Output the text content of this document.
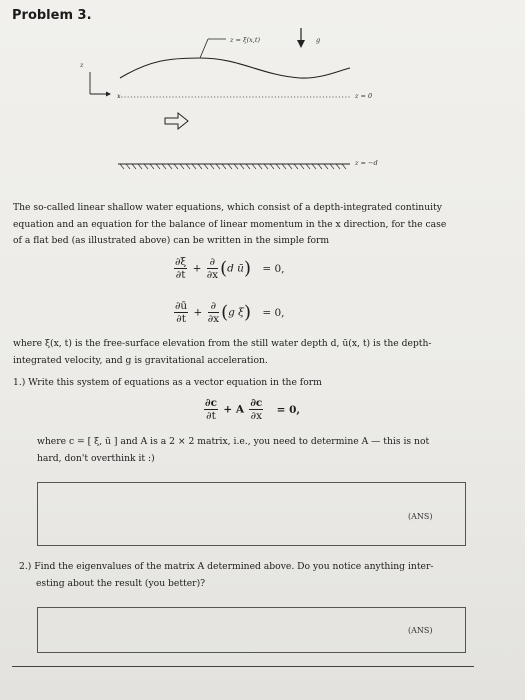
Problem 3.
z = ξ(x,t)	g
z
x	z = 0
z = −d
The so-called linear shallow water equations, which consist of a depth-integrated continuity
equation and an equation for the balance of linear momentum in the x direction, for the case
of a flat bed (as illustrated above) can be written in the simple form
$\frac{\partial\xi}{\partial t} + \frac{\partial}{\partial x} (d$ ū) = 0,
$\frac{\partial ū}{\partial t} + \frac{\partial}{\partial x} (g$ ξ) = 0,
where ξ(x, t) is the free-surface elevation from the still water depth d, ū(x, t) is the depth-
integrated velocity, and g is gravitational acceleration.
1.) Write this system of equations as a vector equation in the form
$\frac{\partial c}{\partial t} + A \frac{\partial c}{\partial x} = 0$,
where c = [ ξ, ū ] and A is a 2 × 2 matrix, i.e., you need to determine A — this is not
hard, don't overthink it :)
(ANS)
2.) Find the eigenvalues of the matrix A determined above. Do you notice anything inter-
esting about the result (you better)?
(ANS)
